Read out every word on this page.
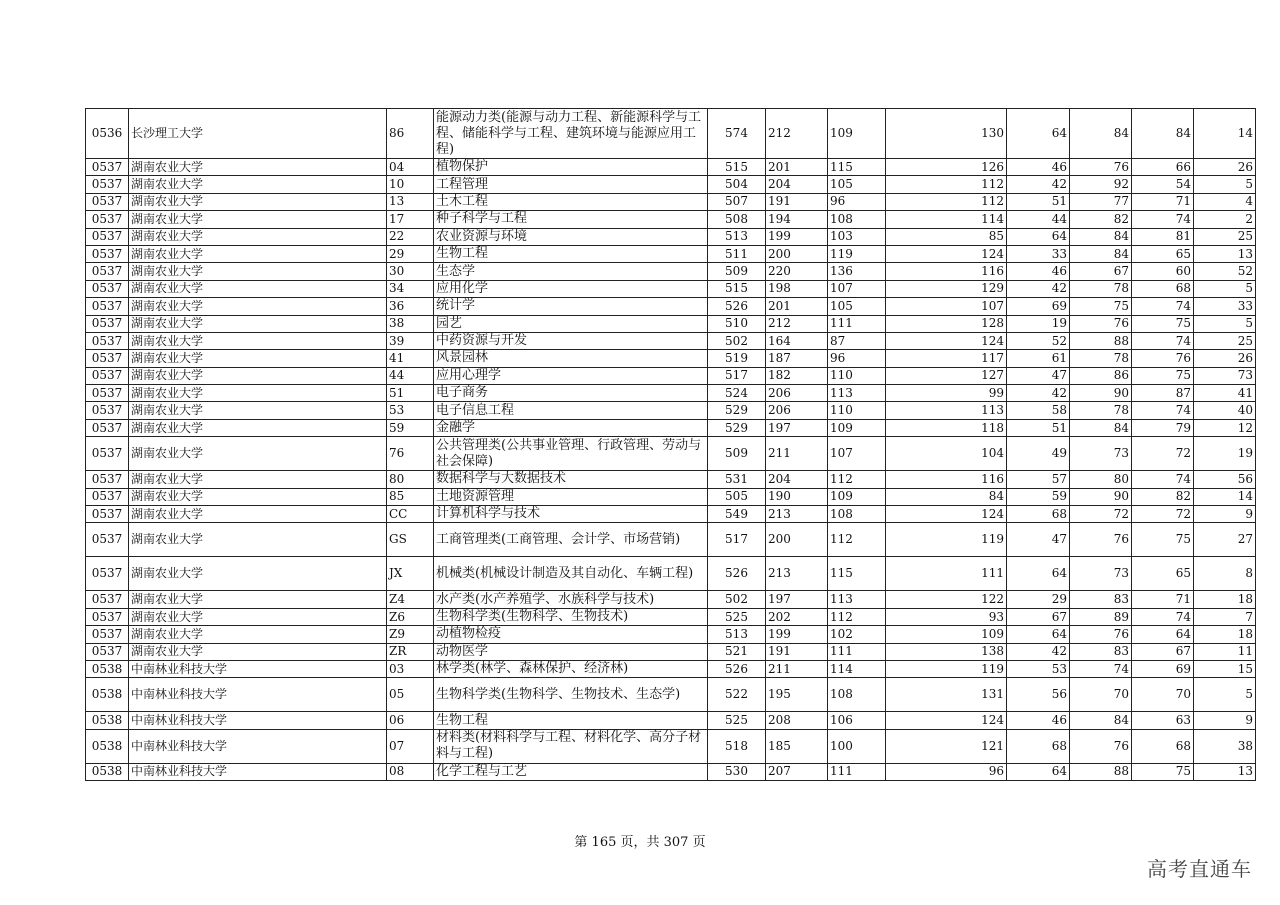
0536	长沙理工大学	86	能源动力类(能源与动力工程、新能源科学与工程、储能科学与工程、建筑环境与能源应用工程)	574	212	109	130	64	84	84	14
0537	湖南农业大学	04	植物保护	515	201	115	126	46	76	66	26
0537	湖南农业大学	10	工程管理	504	204	105	112	42	92	54	5
0537	湖南农业大学	13	土木工程	507	191	96	112	51	77	71	4
0537	湖南农业大学	17	种子科学与工程	508	194	108	114	44	82	74	2
0537	湖南农业大学	22	农业资源与环境	513	199	103	85	64	84	81	25
0537	湖南农业大学	29	生物工程	511	200	119	124	33	84	65	13
0537	湖南农业大学	30	生态学	509	220	136	116	46	67	60	52
0537	湖南农业大学	34	应用化学	515	198	107	129	42	78	68	5
0537	湖南农业大学	36	统计学	526	201	105	107	69	75	74	33
0537	湖南农业大学	38	园艺	510	212	111	128	19	76	75	5
0537	湖南农业大学	39	中药资源与开发	502	164	87	124	52	88	74	25
0537	湖南农业大学	41	风景园林	519	187	96	117	61	78	76	26
0537	湖南农业大学	44	应用心理学	517	182	110	127	47	86	75	73
0537	湖南农业大学	51	电子商务	524	206	113	99	42	90	87	41
0537	湖南农业大学	53	电子信息工程	529	206	110	113	58	78	74	40
0537	湖南农业大学	59	金融学	529	197	109	118	51	84	79	12
0537	湖南农业大学	76	公共管理类(公共事业管理、行政管理、劳动与社会保障)	509	211	107	104	49	73	72	19
0537	湖南农业大学	80	数据科学与大数据技术	531	204	112	116	57	80	74	56
0537	湖南农业大学	85	土地资源管理	505	190	109	84	59	90	82	14
0537	湖南农业大学	CC	计算机科学与技术	549	213	108	124	68	72	72	9
0537	湖南农业大学	GS	工商管理类(工商管理、会计学、市场营销)	517	200	112	119	47	76	75	27
0537	湖南农业大学	JX	机械类(机械设计制造及其自动化、车辆工程)	526	213	115	111	64	73	65	8
0537	湖南农业大学	Z4	水产类(水产养殖学、水族科学与技术)	502	197	113	122	29	83	71	18
0537	湖南农业大学	Z6	生物科学类(生物科学、生物技术)	525	202	112	93	67	89	74	7
0537	湖南农业大学	Z9	动植物检疫	513	199	102	109	64	76	64	18
0537	湖南农业大学	ZR	动物医学	521	191	111	138	42	83	67	11
0538	中南林业科技大学	03	林学类(林学、森林保护、经济林)	526	211	114	119	53	74	69	15
0538	中南林业科技大学	05	生物科学类(生物科学、生物技术、生态学)	522	195	108	131	56	70	70	5
0538	中南林业科技大学	06	生物工程	525	208	106	124	46	84	63	9
0538	中南林业科技大学	07	材料类(材料科学与工程、材料化学、高分子材料与工程)	518	185	100	121	68	76	68	38
0538	中南林业科技大学	08	化学工程与工艺	530	207	111	96	64	88	75	13
第 165 页，共 307 页
高考直通车
